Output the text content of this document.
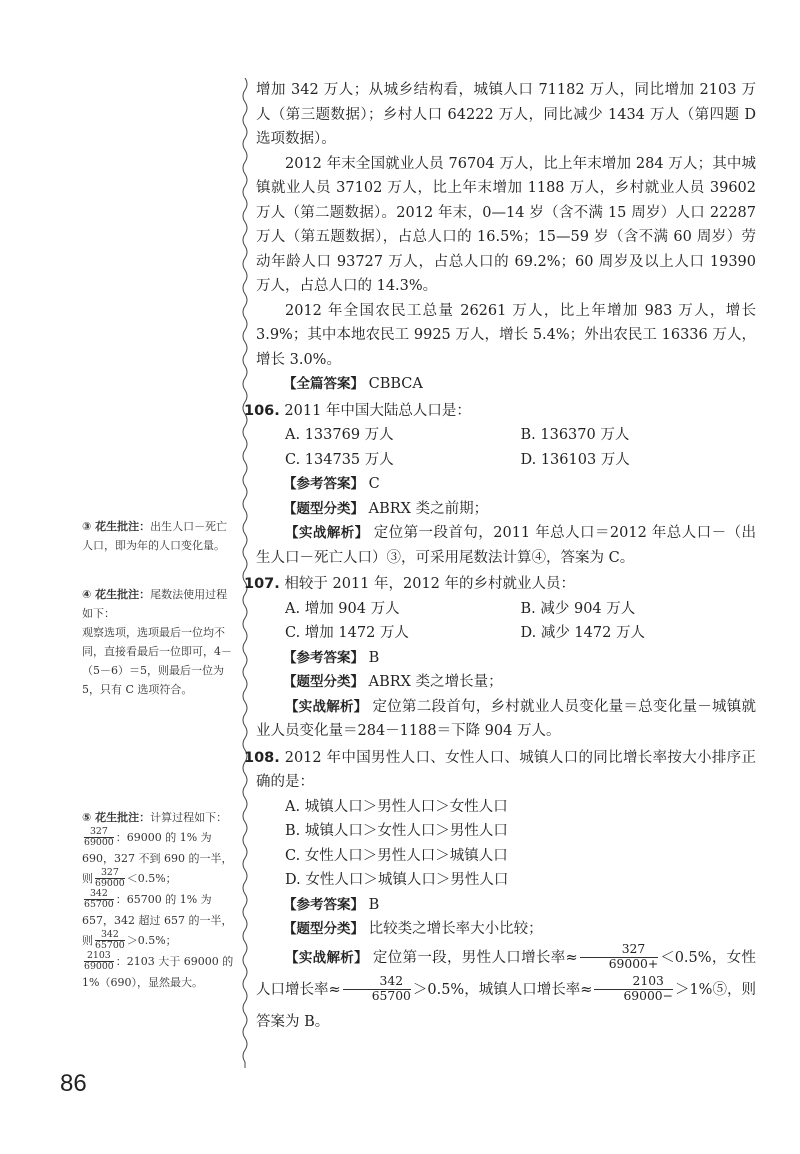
增加 342 万人；从城乡结构看，城镇人口 71182 万人，同比增加 2103 万人（第三题数据）；乡村人口 64222 万人，同比减少 1434 万人（第四题 D 选项数据）。

2012 年末全国就业人员 76704 万人，比上年末增加 284 万人；其中城镇就业人员 37102 万人，比上年末增加 1188 万人，乡村就业人员 39602 万人（第二题数据）。2012 年末，0—14 岁（含不满 15 周岁）人口 22287 万人（第五题数据），占总人口的 16.5%；15—59 岁（含不满 60 周岁）劳动年龄人口 93727 万人，占总人口的 69.2%；60 周岁及以上人口 19390 万人，占总人口的 14.3%。

2012 年全国农民工总量 26261 万人，比上年增加 983 万人，增长 3.9%；其中本地农民工 9925 万人，增长 5.4%；外出农民工 16336 万人，增长 3.0%。

【全篇答案】 CBBCA

106. 2011 年中国大陆总人口是：

A. 133769 万人	B. 136370 万人
C. 134735 万人	D. 136103 万人

【参考答案】 C

【题型分类】 ABRX 类之前期；

【实战解析】 定位第一段首句，2011 年总人口＝2012 年总人口－（出生人口－死亡人口）③，可采用尾数法计算④，答案为 C。

107. 相较于 2011 年，2012 年的乡村就业人员：

A. 增加 904 万人	B. 减少 904 万人
C. 增加 1472 万人	D. 减少 1472 万人

【参考答案】 B

【题型分类】 ABRX 类之增长量；

【实战解析】 定位第二段首句，乡村就业人员变化量＝总变化量－城镇就业人员变化量＝284－1188＝下降 904 万人。

108. 2012 年中国男性人口、女性人口、城镇人口的同比增长率按大小排序正确的是：

A. 城镇人口＞男性人口＞女性人口
B. 城镇人口＞女性人口＞男性人口
C. 女性人口＞男性人口＞城镇人口
D. 女性人口＞城镇人口＞男性人口

【参考答案】 B

【题型分类】 比较类之增长率大小比较；

【实战解析】 定位第一段，男性人口增长率≈ $\frac{327}{69000+} <0.5\%$，女性人口增长率≈ $\frac{342}{65700} >0.5\%$，城镇人口增长率≈ $\frac{2103}{69000-}$ ＞1%⑤，则答案为 B。

③ 花生批注：出生人口－死亡人口，即为年的人口变化量。
④ 花生批注：尾数法使用过程如下：
观察选项，选项最后一位均不同，直接看最后一位即可，4－（5－6）＝5，则最后一位为 5，只有 C 选项符合。
⑤ 花生批注：计算过程如下：

$\frac{327}{69000}$ ：69000 的 1% 为 690，327 不到 690 的一半，则 $\frac{327}{69000} <0.5\%$；

$\frac{342}{65700}$ ：65700 的 1% 为 657，342 超过 657 的一半，则 $\frac{342}{65700} >0.5\%$；

$\frac{2103}{69000}$ ：2103 大于 69000 的 1%（690），显然最大。
86
